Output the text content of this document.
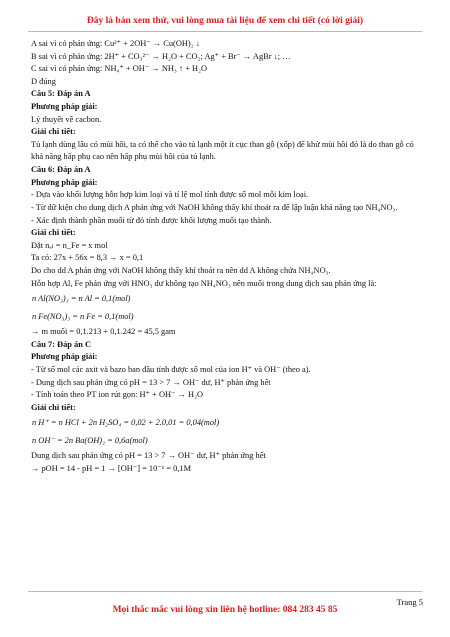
Đây là bản xem thử, vui lòng mua tài liệu để xem chi tiết (có lời giải)

A sai vì có phản ứng: Cu²⁺ + 2OH⁻ → Cu(OH)₂ ↓

B sai vì có phản ứng: 2H⁺ + CO₃²⁻ → H₂O + CO₂; Ag⁺ + Br⁻ → AgBr ↓; …

C sai vì có phản ứng: NH₄⁺ + OH⁻ → NH₃ ↑ + H₂O

D đúng

Câu 5: Đáp án A

Phương pháp giải:

Lý thuyết về cacbon.

Giải chi tiết:

Tủ lạnh dùng lâu có mùi hôi, ta có thể cho vào tủ lạnh một ít cục than gỗ (xốp) để khử mùi hôi đó là do than gỗ có khả năng hấp phụ cao nên hấp phụ mùi hôi của tủ lạnh.

Câu 6: Đáp án A

Phương pháp giải:

- Dựa vào khối lượng hỗn hợp kim loại và tỉ lệ mol tính được số mol mỗi kim loại.

- Từ dữ kiện cho dung dịch A phản ứng với NaOH không thấy khí thoát ra để lập luận khả năng tạo NH₄NO₃.

- Xác định thành phần muối từ đó tính được khối lượng muối tạo thành.

Giải chi tiết:

Đặt nₐₗ = n_Fe = x mol

Ta có: 27x + 56x = 8,3 → x = 0,1

Do cho dd A phản ứng với NaOH không thấy khí thoát ra nên dd A không chứa NH₄NO₃.

Hỗn hợp Al, Fe phản ứng với HNO₃ dư không tạo NH₄NO₃ nên muối trong dung dịch sau phản ứng là:

n Al(NO₃)₃ = n Al = 0,1(mol)

n Fe(NO₃)₃ = n Fe = 0,1(mol)

→ m muối = 0,1.213 + 0,1.242 = 45,5 gam

Câu 7: Đáp án C

Phương pháp giải:

- Từ số mol các axit và bazo ban đầu tính được số mol của ion H⁺ và OH⁻ (theo a).

- Dung dịch sau phản ứng có pH = 13 > 7 → OH⁻ dư, H⁺ phản ứng hết

- Tính toán theo PT ion rút gọn: H⁺ + OH⁻ → H₂O

Giải chi tiết:

n H⁺ = n HCl + 2n H₂SO₄ = 0,02 + 2.0,01 = 0,04(mol)

n OH⁻ = 2n Ba(OH)₂ = 0,6a(mol)

Dung dịch sau phản ứng có pH = 13 > 7 → OH⁻ dư, H⁺ phản ứng hết

→ pOH = 14 - pH = 1 → [OH⁻] = 10⁻¹ = 0,1M

Trang 5
Mọi thắc mắc vui lòng xin liên hệ hotline: 084 283 45 85
